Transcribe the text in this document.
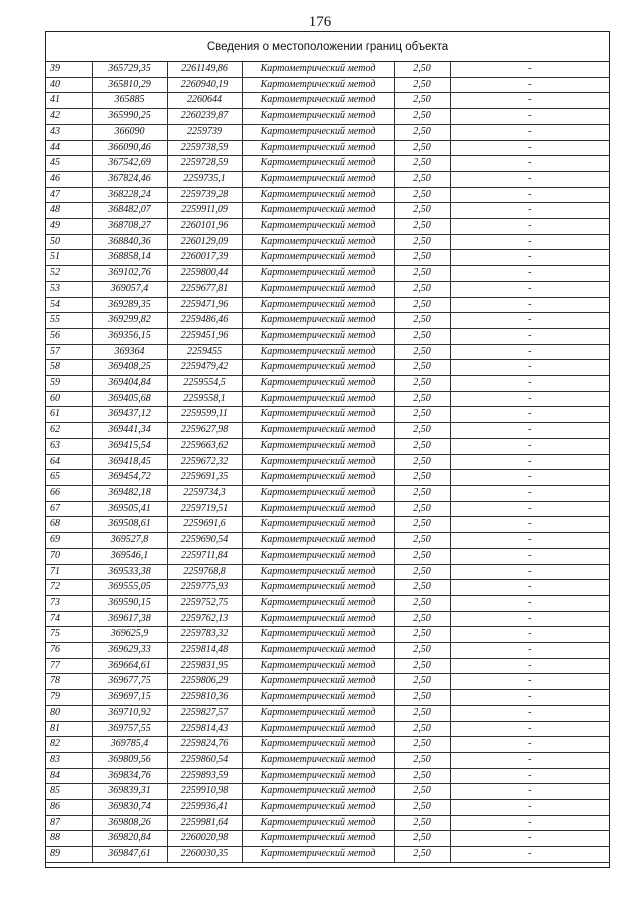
176
Сведения о местоположении границ объекта
39	365729,35	2261149,86	Картометрический метод	2,50	-
40	365810,29	2260940,19	Картометрический метод	2,50	-
41	365885	2260644	Картометрический метод	2,50	-
42	365990,25	2260239,87	Картометрический метод	2,50	-
43	366090	2259739	Картометрический метод	2,50	-
44	366090,46	2259738,59	Картометрический метод	2,50	-
45	367542,69	2259728,59	Картометрический метод	2,50	-
46	367824,46	2259735,1	Картометрический метод	2,50	-
47	368228,24	2259739,28	Картометрический метод	2,50	-
48	368482,07	2259911,09	Картометрический метод	2,50	-
49	368708,27	2260101,96	Картометрический метод	2,50	-
50	368840,36	2260129,09	Картометрический метод	2,50	-
51	368858,14	2260017,39	Картометрический метод	2,50	-
52	369102,76	2259800,44	Картометрический метод	2,50	-
53	369057,4	2259677,81	Картометрический метод	2,50	-
54	369289,35	2259471,96	Картометрический метод	2,50	-
55	369299,82	2259486,46	Картометрический метод	2,50	-
56	369356,15	2259451,96	Картометрический метод	2,50	-
57	369364	2259455	Картометрический метод	2,50	-
58	369408,25	2259479,42	Картометрический метод	2,50	-
59	369404,84	2259554,5	Картометрический метод	2,50	-
60	369405,68	2259558,1	Картометрический метод	2,50	-
61	369437,12	2259599,11	Картометрический метод	2,50	-
62	369441,34	2259627,98	Картометрический метод	2,50	-
63	369415,54	2259663,62	Картометрический метод	2,50	-
64	369418,45	2259672,32	Картометрический метод	2,50	-
65	369454,72	2259691,35	Картометрический метод	2,50	-
66	369482,18	2259734,3	Картометрический метод	2,50	-
67	369505,41	2259719,51	Картометрический метод	2,50	-
68	369508,61	2259691,6	Картометрический метод	2,50	-
69	369527,8	2259690,54	Картометрический метод	2,50	-
70	369546,1	2259711,84	Картометрический метод	2,50	-
71	369533,38	2259768,8	Картометрический метод	2,50	-
72	369555,05	2259775,93	Картометрический метод	2,50	-
73	369590,15	2259752,75	Картометрический метод	2,50	-
74	369617,38	2259762,13	Картометрический метод	2,50	-
75	369625,9	2259783,32	Картометрический метод	2,50	-
76	369629,33	2259814,48	Картометрический метод	2,50	-
77	369664,61	2259831,95	Картометрический метод	2,50	-
78	369677,75	2259806,29	Картометрический метод	2,50	-
79	369697,15	2259810,36	Картометрический метод	2,50	-
80	369710,92	2259827,57	Картометрический метод	2,50	-
81	369757,55	2259814,43	Картометрический метод	2,50	-
82	369785,4	2259824,76	Картометрический метод	2,50	-
83	369809,56	2259860,54	Картометрический метод	2,50	-
84	369834,76	2259893,59	Картометрический метод	2,50	-
85	369839,31	2259910,98	Картометрический метод	2,50	-
86	369830,74	2259936,41	Картометрический метод	2,50	-
87	369808,26	2259981,64	Картометрический метод	2,50	-
88	369820,84	2260020,98	Картометрический метод	2,50	-
89	369847,61	2260030,35	Картометрический метод	2,50	-
